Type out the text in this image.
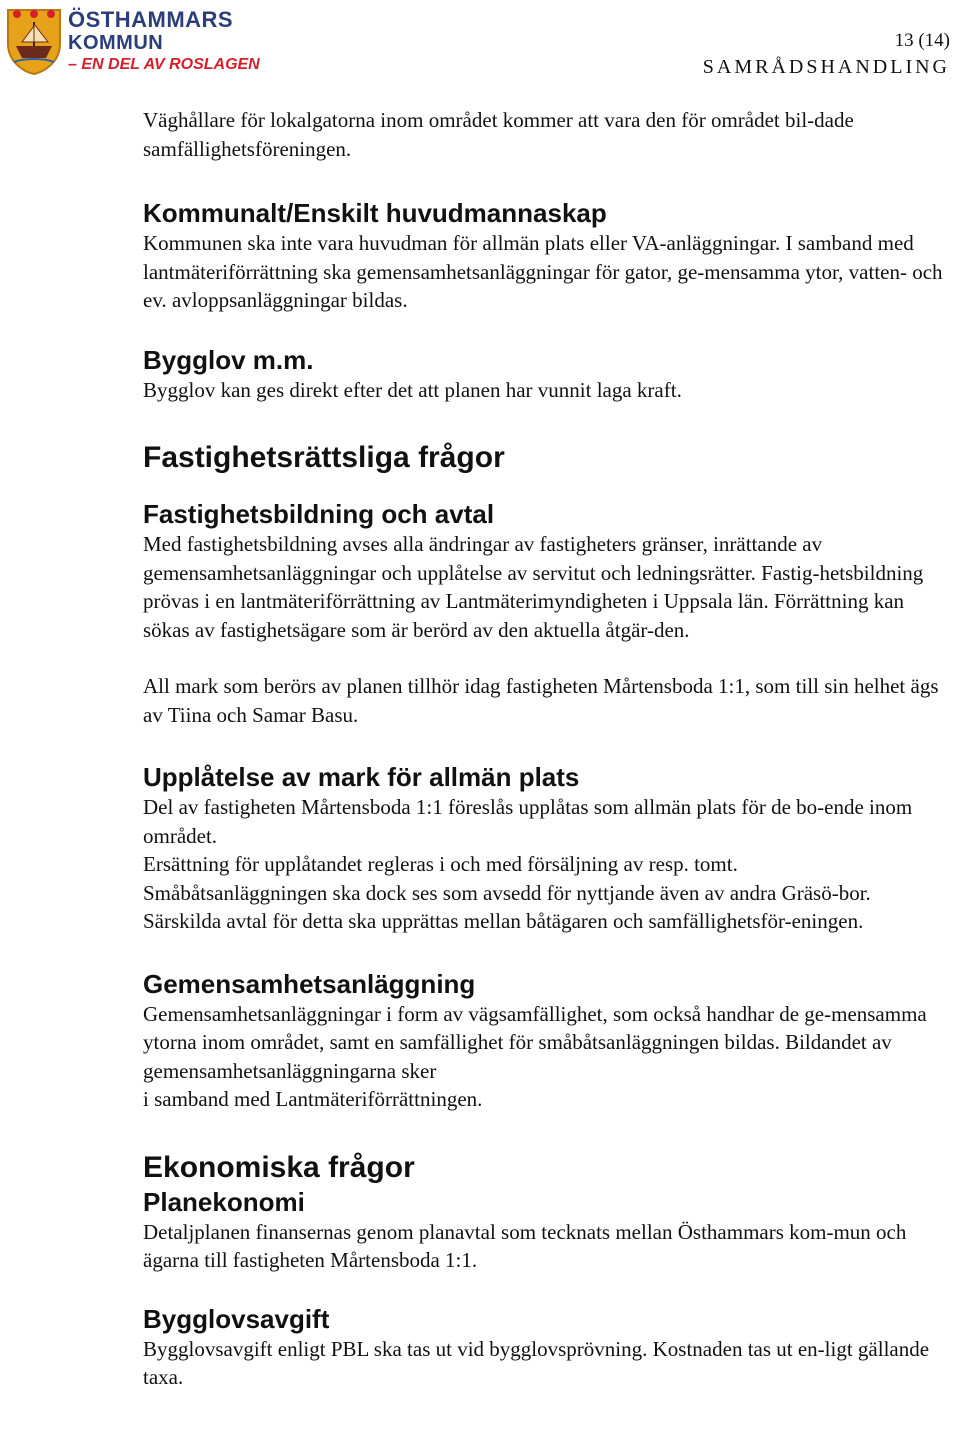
ÖSTHAMMARS
KOMMUN
– EN DEL AV ROSLAGEN
13 (14)
SAMRÅDSHANDLING

Väghållare för lokalgatorna inom området kommer att vara den för området bil-dade samfällighetsföreningen.

Kommunalt/Enskilt huvudmannaskap

Kommunen ska inte vara huvudman för allmän plats eller VA-anläggningar. I samband med lantmäteriförrättning ska gemensamhetsanläggningar för gator, ge-mensamma ytor, vatten- och ev. avloppsanläggningar bildas.

Bygglov m.m.

Bygglov kan ges direkt efter det att planen har vunnit laga kraft.

Fastighetsrättsliga frågor
Fastighetsbildning och avtal

Med fastighetsbildning avses alla ändringar av fastigheters gränser, inrättande av gemensamhetsanläggningar och upplåtelse av servitut och ledningsrätter. Fastig-hetsbildning prövas i en lantmäteriförrättning av Lantmäterimyndigheten i Uppsala län. Förrättning kan sökas av fastighetsägare som är berörd av den aktuella åtgär-den.

All mark som berörs av planen tillhör idag fastigheten Mårtensboda 1:1, som till sin helhet ägs av Tiina och Samar Basu.

Upplåtelse av mark för allmän plats

Del av fastigheten Mårtensboda 1:1 föreslås upplåtas som allmän plats för de bo-ende inom området.

Ersättning för upplåtandet regleras i och med försäljning av resp. tomt.

Småbåtsanläggningen ska dock ses som avsedd för nyttjande även av andra Gräsö-bor. Särskilda avtal för detta ska upprättas mellan båtägaren och samfällighetsför-eningen.

Gemensamhetsanläggning

Gemensamhetsanläggningar i form av vägsamfällighet, som också handhar de ge-mensamma ytorna inom området, samt en samfällighet för småbåtsanläggningen bildas. Bildandet av gemensamhetsanläggningarna sker

i samband med Lantmäteriförrättningen.

Ekonomiska frågor
Planekonomi

Detaljplanen finansernas genom planavtal som tecknats mellan Östhammars kom-mun och ägarna till fastigheten Mårtensboda 1:1.

Bygglovsavgift

Bygglovsavgift enligt PBL ska tas ut vid bygglovsprövning. Kostnaden tas ut en-ligt gällande taxa.
